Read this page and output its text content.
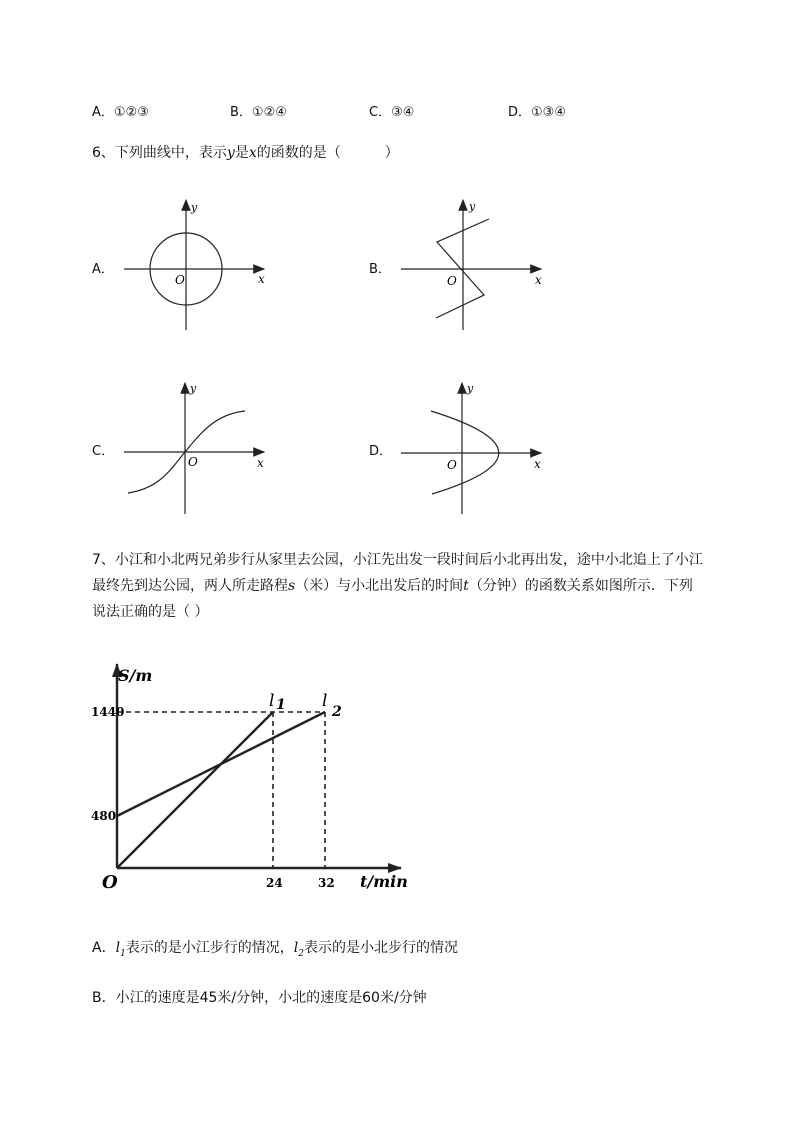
A．①②③	B．①②④	C．③④	D．①③④
6、下列曲线中，表示y是x的函数的是（	）
A．	B．
C．	D．
y
x
O
y
x
O
y
x
O
y
x
O
7、小江和小北两兄弟步行从家里去公园，小江先出发一段时间后小北再出发，途中小北追上了小江
最终先到达公园，两人所走路程s（米）与小北出发后的时间t（分钟）的函数关系如图所示．下列
说法正确的是（ ）
1440
480
24	32
S/m
t/min
O
l 1 l
2
A．$l_1$表示的是小江步行的情况，$l_2$表示的是小北步行的情况
B．小江的速度是45米/分钟，小北的速度是60米/分钟
